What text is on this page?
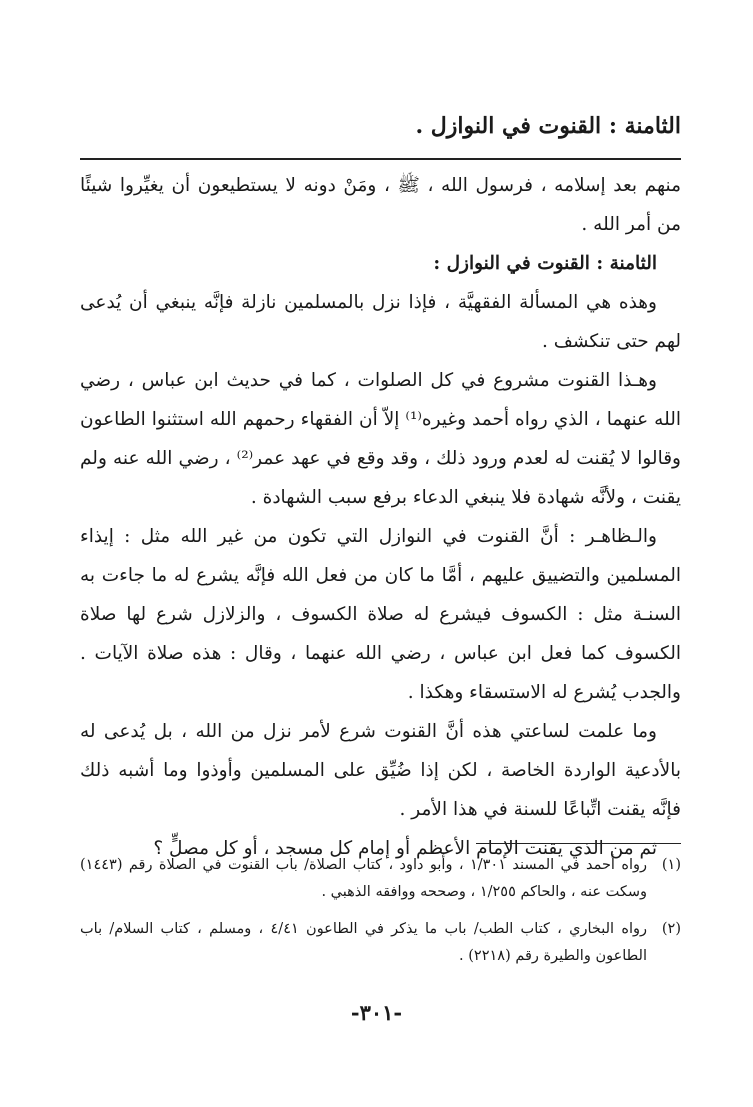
الثامنة : القنوت في النوازل .

منهم بعد إسلامه ، فرسول الله ، ﷺ ، ومَنْ دونه لا يستطيعون أن يغيِّروا شيئًا من أمر الله .

الثامنة : القنوت في النوازل :

وهذه هي المسألة الفقهيَّة ، فإذا نزل بالمسلمين نازلة فإنَّه ينبغي أن يُدعى لهم حتى تنكشف .

وهـذا القنوت مشروع في كل الصلوات ، كما في حديث ابن عباس ، رضي الله عنهما ، الذي رواه أحمد وغيره⁽¹⁾ إلاّ أن الفقهاء رحمهم الله استثنوا الطاعون وقالوا لا يُقنت له لعدم ورود ذلك ، وقد وقع في عهد عمر⁽²⁾ ، رضي الله عنه ولم يقنت ، ولأنَّه شهادة فلا ينبغي الدعاء برفع سبب الشهادة .

والـظاهـر : أنَّ القنوت في النوازل التي تكون من غير الله مثل : إيذاء المسلمين والتضييق عليهم ، أمَّا ما كان من فعل الله فإنَّه يشرع له ما جاءت به السنـة مثل : الكسوف فيشرع له صلاة الكسوف ، والزلازل شرع لها صلاة الكسوف كما فعل ابن عباس ، رضي الله عنهما ، وقال : هذه صلاة الآيات . والجدب يُشرع له الاستسقاء وهكذا .

وما علمت لساعتي هذه أنَّ القنوت شرع لأمر نزل من الله ، بل يُدعى له بالأدعية الواردة الخاصة ، لكن إذا ضُيِّق على المسلمين وأوذوا وما أشبه ذلك فإنَّه يقنت اتِّباعًا للسنة في هذا الأمر .

ثم من الذي يقنت الإمام الأعظم أو إمام كل مسجد ، أو كل مصلٍّ ؟

(١)
رواه أحمد في المسند ١/٣٠١ ، وأبو داود ، كتاب الصلاة/ باب القنوت في الصلاة رقم (١٤٤٣) وسكت عنه ، والحاكم ١/٢٥٥ ، وصححه ووافقه الذهبي .

(٢)
رواه البخاري ، كتاب الطب/ باب ما يذكر في الطاعون ٤/٤١ ، ومسلم ، كتاب السلام/ باب الطاعون والطيرة رقم (٢٢١٨) .

-٣٠١-
